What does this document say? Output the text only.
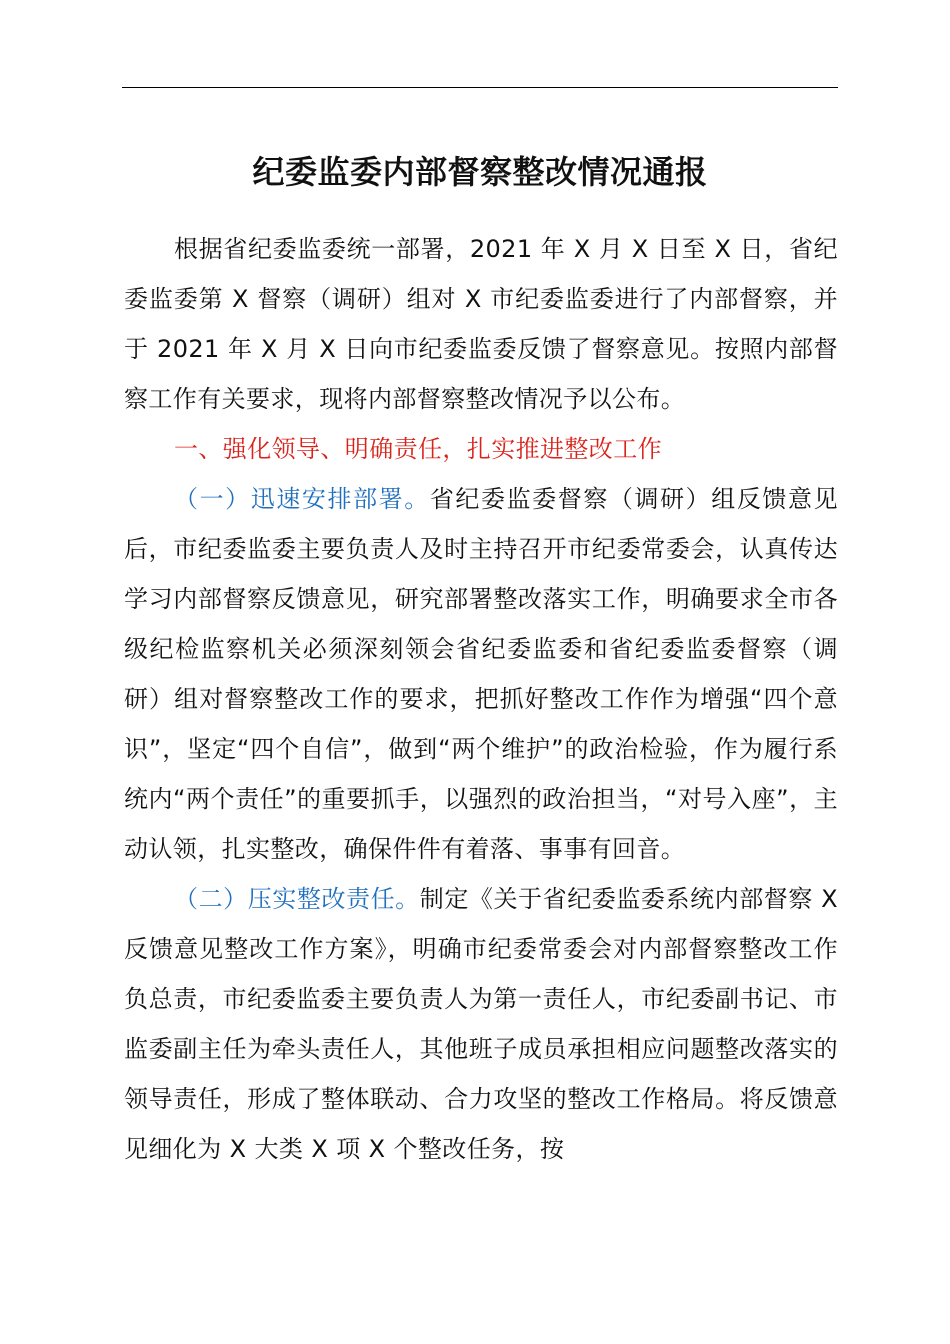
纪委监委内部督察整改情况通报

根据省纪委监委统一部署，2021 年 X 月 X 日至 X 日，省纪委监委第 X 督察（调研）组对 X 市纪委监委进行了内部督察，并于 2021 年 X 月 X 日向市纪委监委反馈了督察意见。按照内部督察工作有关要求，现将内部督察整改情况予以公布。

一、强化领导、明确责任，扎实推进整改工作

（一）迅速安排部署。省纪委监委督察（调研）组反馈意见后，市纪委监委主要负责人及时主持召开市纪委常委会，认真传达学习内部督察反馈意见，研究部署整改落实工作，明确要求全市各级纪检监察机关必须深刻领会省纪委监委和省纪委监委督察（调研）组对督察整改工作的要求，把抓好整改工作作为增强“四个意识”，坚定“四个自信”，做到“两个维护”的政治检验，作为履行系统内“两个责任”的重要抓手，以强烈的政治担当，“对号入座”，主动认领，扎实整改，确保件件有着落、事事有回音。

（二）压实整改责任。制定《关于省纪委监委系统内部督察 X 反馈意见整改工作方案》，明确市纪委常委会对内部督察整改工作负总责，市纪委监委主要负责人为第一责任人，市纪委副书记、市监委副主任为牵头责任人，其他班子成员承担相应问题整改落实的领导责任，形成了整体联动、合力攻坚的整改工作格局。将反馈意见细化为 X 大类 X 项 X 个整改任务，按
